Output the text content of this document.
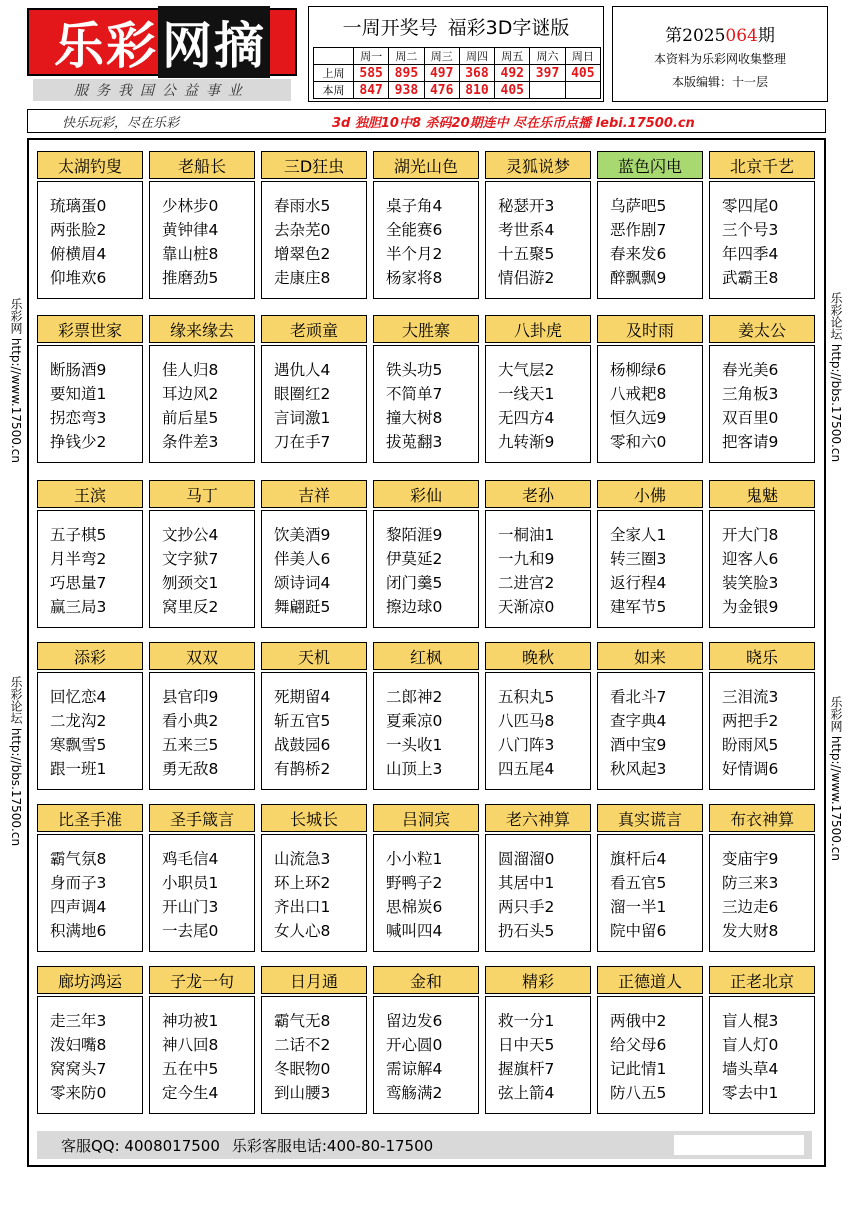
乐彩 网摘
服务我国公益事业
一周开奖号 福彩3D字谜版
	周一	周二	周三	周四	周五	周六	周日
上周	585	895	497	368	492	397	405
本周	847	938	476	810	405		
第2025064期
本资料为乐彩网收集整理
本版编辑：十一层
快乐玩彩，尽在乐彩	3d 独胆10中8 杀码20期连中 尽在乐币点播 lebi.17500.cn
乐彩网 http://www.17500.cn
乐彩论坛 http://bbs.17500.cn
乐彩论坛 http://bbs.17500.cn
乐彩网 http://www.17500.cn
太湖钓叟
琉璃蛋0
两张脸2
俯横眉4
仰堆欢6
老船长
少林步0
黄钟律4
靠山桩8
推磨劲5
三D狂虫
春雨水5
去杂芜0
增翠色2
走康庄8
湖光山色
桌子角4
全能赛6
半个月2
杨家将8
灵狐说梦
秘瑟开3
考世系4
十五聚5
情侣游2
蓝色闪电
乌萨吧5
恶作剧7
春来发6
醉飘飘9
北京千艺
零四尾0
三个号3
年四季4
武霸王8
彩票世家
断肠酒9
要知道1
拐恋弯3
挣钱少2
缘来缘去
佳人归8
耳边风2
前后星5
条件差3
老顽童
遇仇人4
眼圈红2
言词激1
刀在手7
大胜寨
铁头功5
不简单7
撞大树8
拔莵翻3
八卦虎
大气层2
一线天1
无四方4
九转渐9
及时雨
杨柳绿6
八戒耙8
恒久远9
零和六0
姜太公
春光美6
三角板3
双百里0
把客请9
王滨
五子棋5
月半弯2
巧思量7
赢三局3
马丁
文抄公4
文字狱7
刎颈交1
窝里反2
吉祥
饮美酒9
伴美人6
颂诗词4
舞翩跹5
彩仙
黎陌涯9
伊莫延2
闭门羹5
擦边球0
老孙
一桐油1
一九和9
二进宫2
天渐凉0
小佛
全家人1
转三圈3
返行程4
建军节5
鬼魅
开大门8
迎客人6
装笑脸3
为金银9
添彩
回忆恋4
二龙沟2
寒飘雪5
跟一班1
双双
县官印9
看小典2
五来三5
勇无敌8
天机
死期留4
斩五官5
战鼓园6
有鹊桥2
红枫
二郎神2
夏乘凉0
一头收1
山顶上3
晚秋
五积丸5
八匹马8
八门阵3
四五尾4
如来
看北斗7
查字典4
酒中宝9
秋风起3
晓乐
三泪流3
两把手2
盼雨风5
好情调6
比圣手准
霸气氛8
身而子3
四声调4
积满地6
圣手箴言
鸡毛信4
小职员1
开山门3
一去尾0
长城长
山流急3
环上环2
齐出口1
女人心8
吕洞宾
小小粒1
野鸭子2
思棉炭6
喊叫四4
老六神算
圆溜溜0
其居中1
两只手2
扔石头5
真实谎言
旗杆后4
看五官5
溜一半1
院中留6
布衣神算
变庙宇9
防三来3
三边走6
发大财8
廊坊鸿运
走三年3
泼妇嘴8
窝窝头7
零来防0
子龙一句
神功被1
神八回8
五在中5
定今生4
日月通
霸气无8
二话不2
冬眠物0
到山腰3
金和
留边发6
开心圆0
需谅解4
鸾觞满2
精彩
救一分1
日中天5
握旗杆7
弦上箭4
正德道人
两俄中2
给父母6
记此情1
防八五5
正老北京
盲人棍3
盲人灯0
墙头草4
零去中1
客服QQ: 4008017500 乐彩客服电话:400-80-17500
